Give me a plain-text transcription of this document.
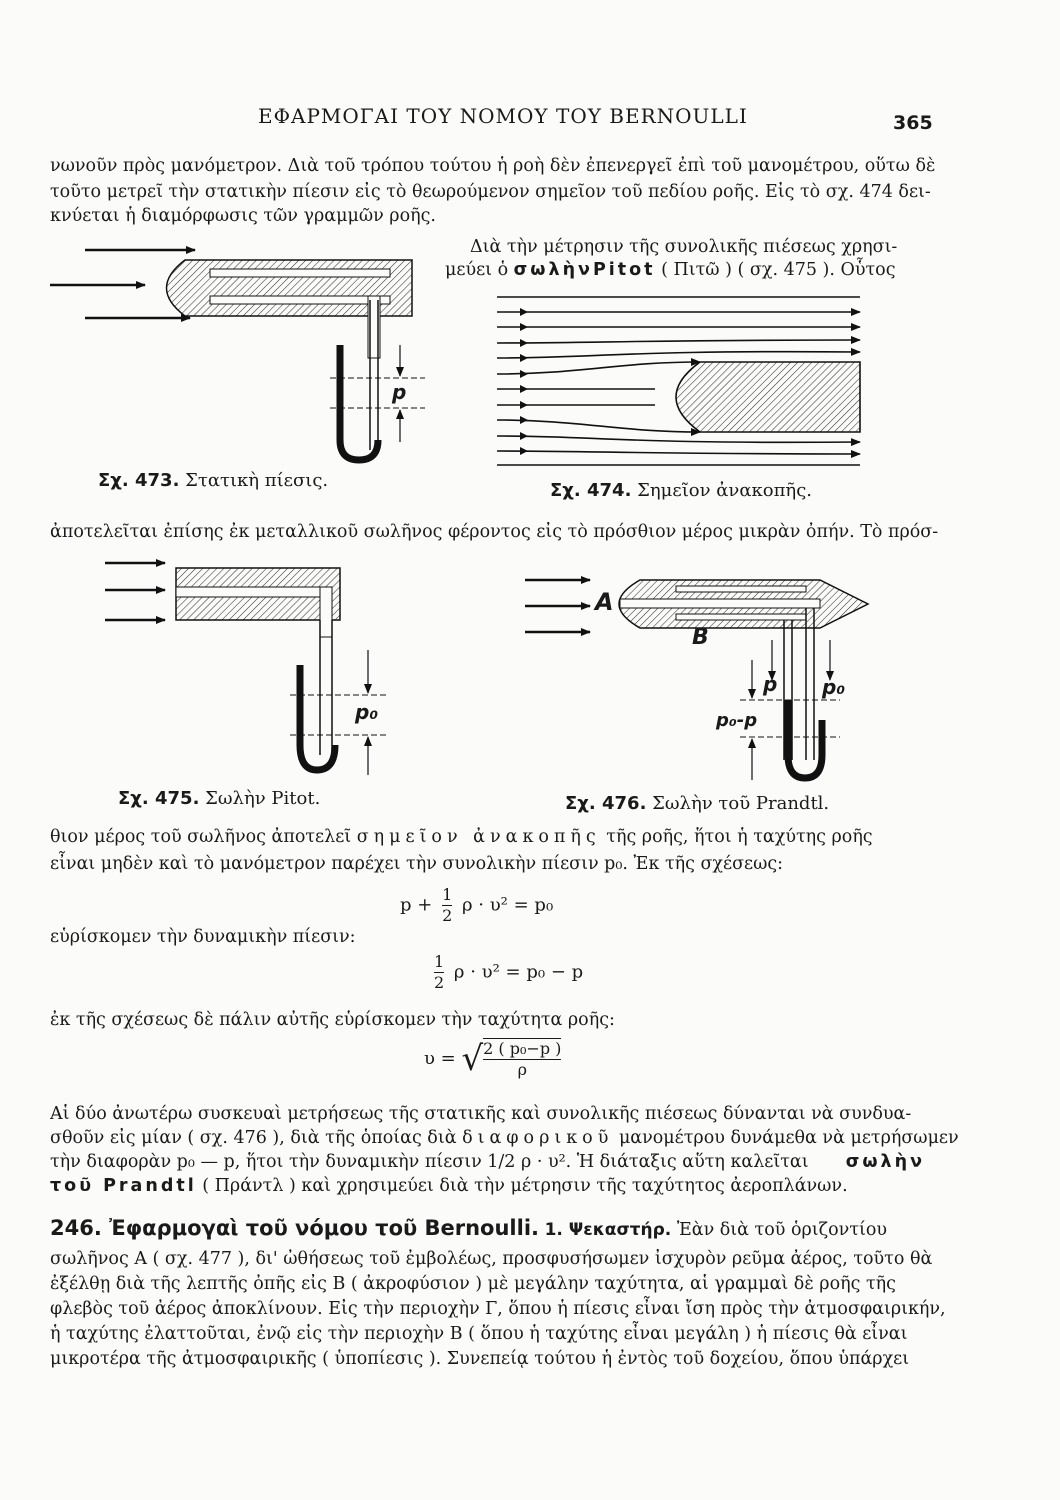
ΕΦΑΡΜΟΓΑΙ ΤΟΥ ΝΟΜΟΥ ΤΟΥ BERNOULLI	365
νωνοῦν πρὸς μανόμετρον. Διὰ τοῦ τρόπου τούτου ἡ ροὴ δὲν ἐπενεργεῖ ἐπὶ τοῦ μανομέτρου, οὕτω δὲ
τοῦτο μετρεῖ τὴν στατικὴν πίεσιν εἰς τὸ θεωρούμενον σημεῖον τοῦ πεδίου ροῆς. Εἰς τὸ σχ. 474 δει-
κνύεται ἡ διαμόρφωσις τῶν γραμμῶν ροῆς.
Διὰ τὴν μέτρησιν τῆς συνολικῆς πιέσεως χρησι-
μεύει ὁ σωλὴνPitot ( Πιτῶ ) ( σχ. 475 ). Οὗτος
p
Σχ. 473. Στατικὴ πίεσις.	Σχ. 474. Σημεῖον ἀνακοπῆς.
ἀποτελεῖται ἐπίσης ἐκ μεταλλικοῦ σωλῆνος φέροντος εἰς τὸ πρόσθιον μέρος μικρὰν ὀπήν. Τὸ πρόσ-
p₀
Σχ. 475. Σωλὴν Pitot.
A
B
p p₀
p₀-p
Σχ. 476. Σωλὴν τοῦ Prandtl.
θιον μέρος τοῦ σωλῆνος ἀποτελεῖ σημεῖον ἀνακοπῆς τῆς ροῆς, ἥτοι ἡ ταχύτης ροῆς
εἶναι μηδὲν καὶ τὸ μανόμετρον παρέχει τὴν συνολικὴν πίεσιν p₀. Ἐκ τῆς σχέσεως:
$p + \frac{1}{2}$ ρ · υ² = p₀
εὑρίσκομεν τὴν δυναμικὴν πίεσιν:
$\frac{1}{2}$ ρ · υ² = p₀ − p
ἐκ τῆς σχέσεως δὲ πάλιν αὐτῆς εὑρίσκομεν τὴν ταχύτητα ροῆς:
υ = √ $\frac{\text{2 ( p₀−p )}}{\rho}$
Αἱ δύο ἀνωτέρω συσκευαὶ μετρήσεως τῆς στατικῆς καὶ συνολικῆς πιέσεως δύνανται νὰ συνδυα-
σθοῦν εἰς μίαν ( σχ. 476 ), διὰ τῆς ὁποίας διὰ διαφορικοῦ μανομέτρου δυνάμεθα νὰ μετρήσωμεν
τὴν διαφορὰν p₀ — p, ἥτοι τὴν δυναμικὴν πίεσιν 1/2 ρ · υ². Ἡ διάταξις αὕτη καλεῖται σωλὴν
τοῦ Prandtl ( Πράντλ ) καὶ χρησιμεύει διὰ τὴν μέτρησιν τῆς ταχύτητος ἀεροπλάνων.
246. Ἐφαρμογαὶ τοῦ νόμου τοῦ Bernoulli. 1. Ψεκαστήρ. Ἐὰν διὰ τοῦ ὁριζοντίου
σωλῆνος Α ( σχ. 477 ), δι' ὠθήσεως τοῦ ἐμβολέως, προσφυσήσωμεν ἰσχυρὸν ρεῦμα ἀέρος, τοῦτο θὰ
ἐξέλθῃ διὰ τῆς λεπτῆς ὀπῆς εἰς Β ( ἀκροφύσιον ) μὲ μεγάλην ταχύτητα, αἱ γραμμαὶ δὲ ροῆς τῆς
φλεβὸς τοῦ ἀέρος ἀποκλίνουν. Εἰς τὴν περιοχὴν Γ, ὅπου ἡ πίεσις εἶναι ἴση πρὸς τὴν ἀτμοσφαιρικήν,
ἡ ταχύτης ἐλαττοῦται, ἐνῷ εἰς τὴν περιοχὴν Β ( ὅπου ἡ ταχύτης εἶναι μεγάλη ) ἡ πίεσις θὰ εἶναι
μικροτέρα τῆς ἀτμοσφαιρικῆς ( ὑποπίεσις ). Συνεπείᾳ τούτου ἡ ἐντὸς τοῦ δοχείου, ὅπου ὑπάρχει
